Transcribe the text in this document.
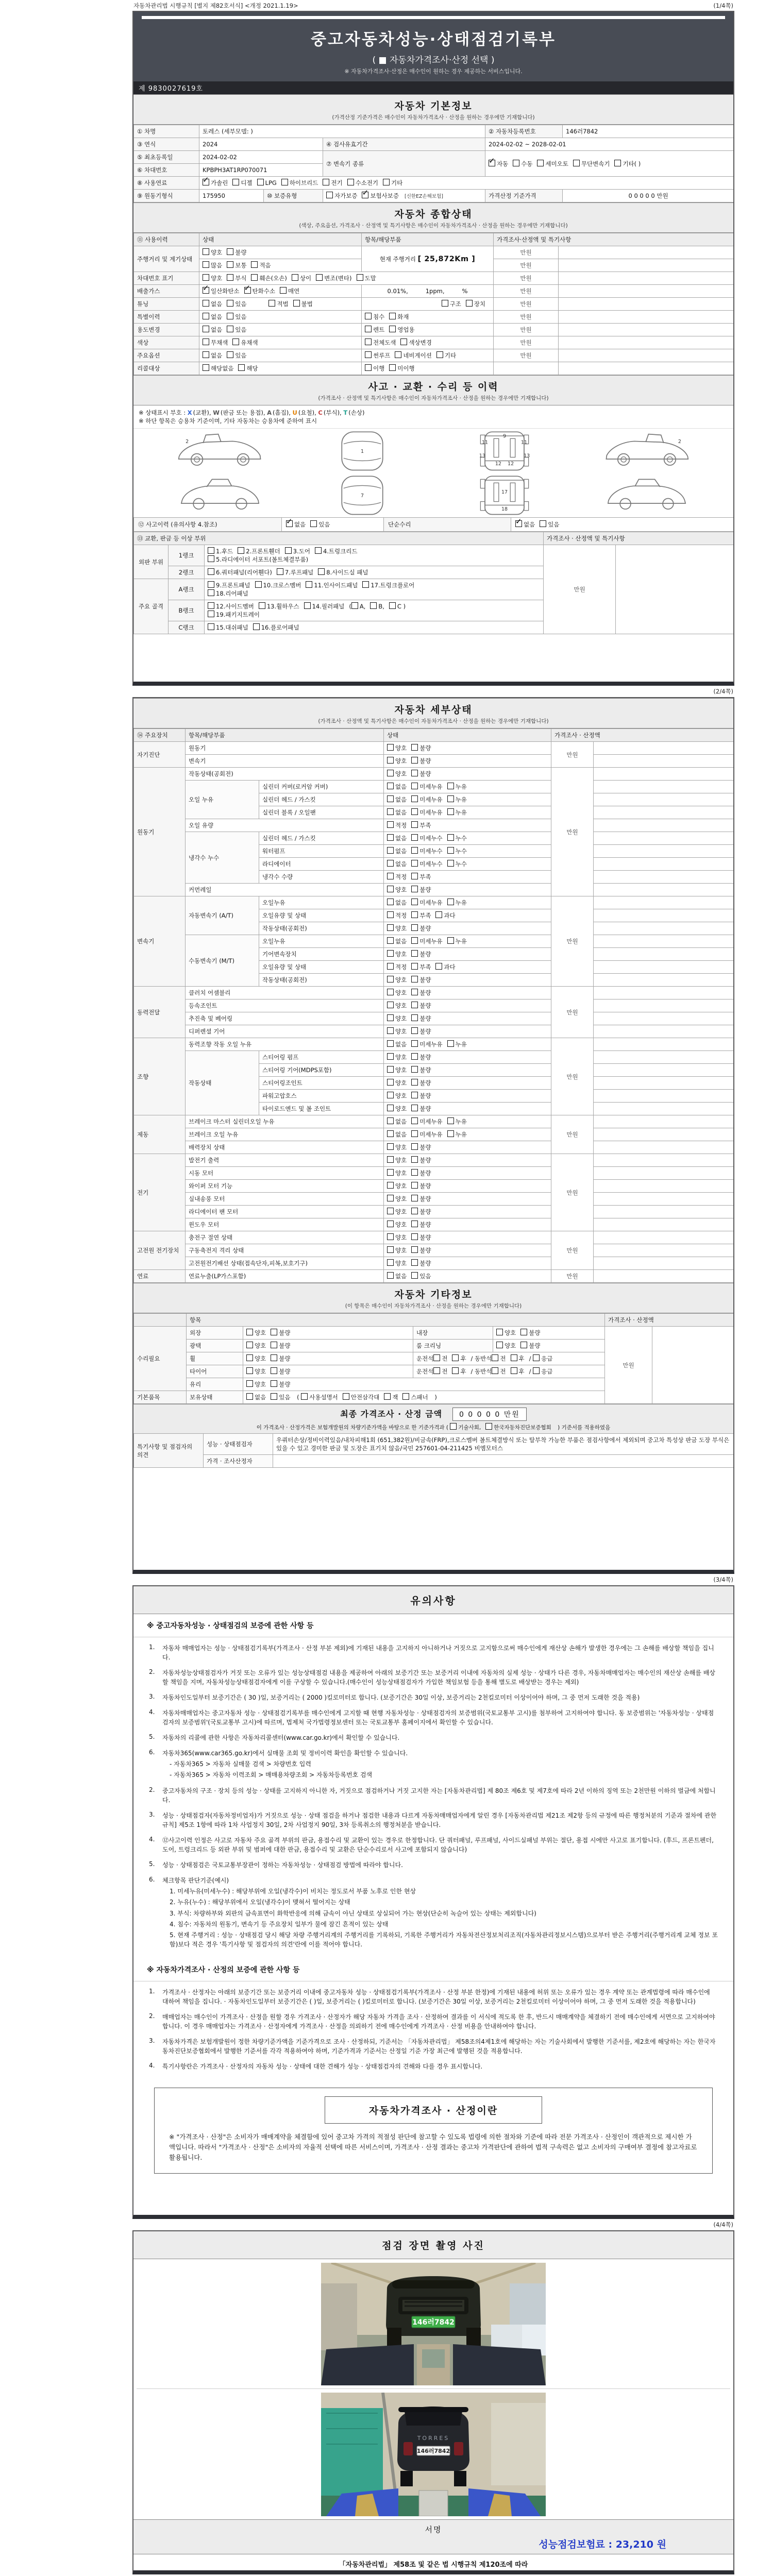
자동차관리법 시행규칙 [별지 제82호서식] <개정 2021.1.19>	(1/4쪽)
중고자동차성능·상태점검기록부
( ■ 자동차가격조사·산정 선택 )
※ 자동차가격조사·산정은 매수인이 원하는 경우 제공하는 서비스입니다.
제 9830027619호
자동차 기본정보

(가격산정 기준가격은 매수인이 자동차가격조사 · 산정을 원하는 경우에만 기재합니다)

① 차명	토레스 (세부모델: )			② 자동차등록번호	146러7842
③ 연식	2024		④ 검사유효기간	2024-02-02 ~ 2028-02-01	
⑤ 최초등록일	2024-02-02		⑦ 변속기 종류	✓자동 수동 세미오토 무단변속기 기타( )
⑥ 차대번호	KPBPH3AT1RP070071				
⑧ 사용연료	✓가솔린 디젤 LPG 하이브리드 전기 수소전기 기타
⑨ 원동기형식	175950	⑩ 보증유형	자가보증 ✓ 보험사보증 [신한EZ손해보험]	가격산정 기준가격	0 0 0 0 0 만원
자동차 종합상태

(색상, 주요옵션, 가격조사 · 산정액 및 특기사항은 매수인이 자동차가격조사 · 산정을 원하는 경우에만 기재합니다)

⑪ 사용이력	상태	항목/해당부품	가격조사·산정액 및 특기사항	
주행거리 및 계기상태	양호 불량	현재 주행거리 [ 25,872Km ]	만원	
	많음 보통 적음		만원	
차대번호 표기	양호 부식 훼손(오손) 상이 변조(변타) 도말		만원	
배출가스	✓일산화탄소 ✓ 탄화수소 매연	0.01%, 1ppm, %	만원	
튜닝	없음 있음 적법 불법	구조 장치	만원	
특별이력	없음 있음	침수 화재	만원	
용도변경	없음 있음	렌트 영업용	만원	
색상	무채색 유채색	전체도색 색상변경	만원	
주요옵션	없음 있음	썬루프 네비게이션 기타	만원	
리콜대상	해당없음 해당	이행 미이행		
사고 · 교환 · 수리 등 이력

(가격조사 · 산정액 및 특기사항은 매수인이 자동차가격조사 · 산정을 원하는 경우에만 기재합니다)

※ 상태표시 부호 : X (교환), W (판금 또는 용접), A (흠집), U (요철), C (부식), T (손상)
※ 하단 항목은 승용차 기준이며, 기타 자동차는 승용차에 준하여 표시
2
1
9
11	11
13	13
12 12
2
7
17
18
⑫ 사고이력 (유의사항 4.참조)	✓없음 있음	단순수리	✓없음 있음
⑬ 교환, 판금 등 이상 부위			가격조사 · 산정액 및 특기사항	
외판 부위	1랭크	1.후드 2.프론트휀더 3.도어 4.트렁크리드
5.라디에이터 서포트(볼트체결부품)	만원	
	2랭크	6.쿼터패널(리어휀다) 7.루프패널 8.사이드실 패널		
주요 골격	A랭크	9.프론트패널 10.크로스멤버 11.인사이드패널 17.트렁크플로어
18.리어패널		
	B랭크	12.사이드멤버 13.휠하우스 14.필러패널 ( A, B, C )
19.패키지트레이		
	C랭크	15.대쉬패널 16.플로어패널		
(2/4쪽)
자동차 세부상태

(가격조사 · 산정액 및 특기사항은 매수인이 자동차가격조사 · 산정을 원하는 경우에만 기재합니다)

⑭ 주요장치	항목/해당부품		상태	가격조사 · 산정액	
자기진단	원동기		양호 불량	만원	
	변속기		양호 불량		
원동기	작동상태(공회전)		양호 불량	만원	
	오일 누유	실린더 커버(로커암 커버)	없음 미세누유 누유		
		실린더 헤드 / 가스킷	없음 미세누유 누유		
		실린더 블록 / 오일팬	없음 미세누유 누유		
	오일 유량		적정 부족		
	냉각수 누수	실린더 헤드 / 가스킷	없음 미세누수 누수		
		워터펌프	없음 미세누수 누수		
		라디에이터	없음 미세누수 누수		
		냉각수 수량	적정 부족		
	커먼레일		양호 불량		
변속기	자동변속기 (A/T)	오일누유	없음 미세누유 누유	만원	
		오일유량 및 상태	적정 부족 과다		
		작동상태(공회전)	양호 불량		
	수동변속기 (M/T)	오일누유	없음 미세누유 누유		
		기어변속장치	양호 불량		
		오일유량 및 상태	적정 부족 과다		
		작동상태(공회전)	양호 불량		
동력전달	클러치 어셈블리		양호 불량	만원	
	등속조인트		양호 불량		
	추진축 및 베어링		양호 불량		
	디퍼렌셜 기어		양호 불량		
조향	동력조향 작동 오일 누유		없음 미세누유 누유	만원	
	작동상태	스티어링 펌프	양호 불량		
		스티어링 기어(MDPS포함)	양호 불량		
		스티어링조인트	양호 불량		
		파워고압호스	양호 불량		
		타이로드엔드 및 볼 조인트	양호 불량		
제동	브레이크 마스터 실린더오일 누유		없음 미세누유 누유	만원	
	브레이크 오일 누유		없음 미세누유 누유		
	배력장치 상태		양호 불량		
전기	발전기 출력		양호 불량	만원	
	시동 모터		양호 불량		
	와이퍼 모터 기능		양호 불량		
	실내송풍 모터		양호 불량		
	라디에이터 팬 모터		양호 불량		
	윈도우 모터		양호 불량		
고전원 전기장치	충전구 절연 상태		양호 불량	만원	
	구동축전지 격리 상태		양호 불량		
	고전원전기배선 상태(접속단자,피복,보호기구)		양호 불량		
연료	연료누출(LP가스포함)		없음 있음	만원	
자동차 기타정보

(이 항목은 매수인이 자동차가격조사 · 산정을 원하는 경우에만 기재합니다)

	항목				가격조사 · 산정액	
수리필요	외장	양호 불량	내장	양호 불량	만원	
	광택	양호 불량	룸 크리닝	양호 불량		
	휠	양호 불량	운전석 전 후 / 동반석 전 후 / 응급			
	타이어	양호 불량	운전석 전 후 / 동반석 전 후 / 응급			
	유리	양호 불량				
기본품목	보유상태	없음 있음 ( 사용설명서 안전삼각대 잭 스패너 )				
최종 가격조사 · 산정 금액 0 0 0 0 0 만원
이 가격조사 · 산정가격은 보험개발원의 차량기준가액을 바탕으로 한 기준가격과 ( 기술사회, 한국자동차진단보증협회 ) 기준서를 적용하였음
특기사항 및 점검자의 의견	성능 · 상태점검자	우쿼터손상/정비이력있음/내차피해1회 (651,382원)/비금속(FRP),크로스멤버 볼트체결방식 또는 탈부착 가능한 부품은 점검사항에서 제외되며 중고차 특성상 판금 도장 부식은 있을 수 있고 경미한 판금 및 도장은 표기치 않음/국민 257601-04-211425 비엠모터스
	가격 · 조사산정자	
(3/4쪽)
유의사항
※ 중고자동차성능 · 상태점검의 보증에 관한 사항 등
1.	자동차 매매업자는 성능 · 상태점검기록부(가격조사 · 산정 부분 제외)에 기재된 내용을 고지하지 아니하거나 거짓으로 고지함으로써 매수인에게 재산상 손해가 발생한 경우에는 그 손해를 배상할 책임을 집니다.
2.	자동차성능상태점검자가 거짓 또는 오류가 있는 성능상태점검 내용을 제공하여 아래의 보증기간 또는 보증거리 이내에 자동차의 실제 성능 · 상태가 다른 경우, 자동차매매업자는 매수인의 재산상 손해를 배상할 책임을 지며, 자동차성능상태점검자에게 이를 구상할 수 있습니다.(매수인이 성능상태점검자가 가입한 책임보험 등을 통해 별도로 배상받는 경우는 제외)
3.	자동차인도일부터 보증기간은 ( 30 )일, 보증거리는 ( 2000 )킬로미터로 합니다. (보증기간은 30일 이상, 보증거리는 2천킬로미터 이상이어야 하며, 그 중 먼저 도래한 것을 적용)
4.	자동차매매업자는 중고자동차 성능 · 상태점검기록부를 매수인에게 고지할 때 현행 자동차성능 · 상태점검자의 보증범위(국토교통부 고시)를 첨부하여 고지하여야 합니다. 동 보증범위는 '자동차성능 · 상태점검자의 보증범위'(국토교통부 고시)에 따르며, 법제처 국가법령정보센터 또는 국토교통부 홈페이지에서 확인할 수 있습니다.
5.	자동차의 리콜에 관한 사항은 자동차리콜센터(www.car.go.kr)에서 확인할 수 있습니다.
6.	자동차365(www.car365.go.kr)에서 실매물 조회 및 정비이력 확인을 확인할 수 있습니다.
- 자동차365 > 자동차 실매물 검색 > 차량번호 입력
- 자동차365 > 자동차 이력조회 > 매매용차량조회 > 자동차등록번호 검색
2.	중고자동차의 구조 · 장치 등의 성능 · 상태를 고지하지 아니한 자, 거짓으로 점검하거나 거짓 고지한 자는 [자동차관리법] 제 80조 제6호 및 제7호에 따라 2년 이하의 징역 또는 2천만원 이하의 벌금에 처합니다.
3.	성능 · 상태점검자(자동차정비업자)가 거짓으로 성능 · 상태 점검을 하거나 점검한 내용과 다르게 자동차매매업자에게 알린 경우 [자동차관리법 제21조 제2항 등의 규정에 따른 행정처분의 기준과 절차에 관한 규칙] 제5조 1항에 따라 1차 사업정지 30일, 2차 사업정지 90일, 3차 등록취소의 행정처분을 받습니다.
4.	⑫사고이력 인정은 사고로 자동차 주요 골격 부위의 판금, 용접수리 및 교환이 있는 경우로 한정합니다. 단 쿼터패널, 루프패널, 사이드실패널 부위는 절단, 용접 시에만 사고로 표기합니다. (후드, 프론트펜더, 도어, 트렁크리드 등 외판 부위 및 범퍼에 대한 판금, 용접수리 및 교환은 단순수리로서 사고에 포함되지 않습니다)
5.	성능 · 상태점검은 국토교통부장관이 정하는 자동차성능 · 상태점검 방법에 따라야 합니다.
6.	체크항목 판단기준(예시)
1. 미세누유(미세누수) : 해당부위에 오일(냉각수)이 비치는 정도로서 부품 노후로 인한 현상
2. 누유(누수) : 해당부위에서 오일(냉각수)이 맺혀서 떨어지는 상태
3. 부식: 차량하부와 외판의 금속표면이 화학반응에 의해 금속이 아닌 상태로 상실되어 가는 현상(단순히 녹슬어 있는 상태는 제외합니다)
4. 침수: 자동차의 원동기, 변속기 등 주요장치 일부가 물에 잠긴 흔적이 있는 상태
5. 현재 주행거리 : 성능 · 상태점검 당시 해당 차량 주행거리계의 주행거리를 기록하되, 기록한 주행거리가 자동차전산정보처리조직(자동차관리정보시스템)으로부터 받은 주행거리(주행거리계 교체 정보 포함)보다 적은 경우 '특기사항 및 점검자의 의견'란에 이를 적어야 합니다.
※ 자동차가격조사 · 산정의 보증에 관한 사항 등
1.	가격조사 · 산정자는 아래의 보증기간 또는 보증거리 이내에 중고자동차 성능 · 상태점검기록부(가격조사 · 산정 부분 한정)에 기재된 내용에 허위 또는 오류가 있는 경우 계약 또는 관계법령에 따라 매수인에 대하여 책임을 집니다. · 자동차인도일부터 보증기간은 ( )일, 보증거리는 ( )킬로미터로 합니다. (보증기간은 30일 이상, 보증거리는 2천킬로미터 이상이어야 하며, 그 중 먼저 도래한 것을 적용합니다)
2.	매매업자는 매수인이 가격조사 · 산정을 원할 경우 가격조사 · 산정자가 해당 자동차 가격을 조사 · 산정하여 결과를 이 서식에 적도록 한 후, 반드시 매매계약을 체결하기 전에 매수인에게 서면으로 고지하여야 합니다. 이 경우 매매업자는 가격조사 · 산정자에게 가격조사 · 산정을 의뢰하기 전에 매수인에게 가격조사 · 산정 비용을 안내하여야 합니다.
3.	자동차가격은 보험개발원이 정한 차량기준가액을 기준가격으로 조사 · 산정하되, 기준서는 「자동차관리법」 제58조의4제1호에 해당하는 자는 기술사회에서 발행한 기준서를, 제2호에 해당하는 자는 한국자동차진단보증협회에서 발행한 기준서를 각각 적용하여야 하며, 기준가격과 기준서는 산정일 기준 가장 최근에 발행된 것을 적용합니다.
4.	특기사항란은 가격조사 · 산정자의 자동차 성능 · 상태에 대한 견해가 성능 · 상태점검자의 견해와 다를 경우 표시합니다.
자동차가격조사 · 산정이란
※ "가격조사 · 산정"은 소비자가 매매계약을 체결함에 있어 중고차 가격의 적절성 판단에 참고할 수 있도록 법령에 의한 절차와 기준에 따라 전문 가격조사 · 산정인이 객관적으로 제시한 가액입니다. 따라서 "가격조사 · 산정"은 소비자의 자율적 선택에 따른 서비스이며, 가격조사 · 산정 결과는 중고차 가격판단에 관하여 법적 구속력은 없고 소비자의 구매여부 결정에 참고자료로 활용됩니다.
(4/4쪽)
점검 장면 촬영 사진
146러7842
TORRES
146러7842
서명
성능점검보험료 : 23,210 원
「자동차관리법」 제58조 및 같은 법 시행규칙 제120조에 따라
